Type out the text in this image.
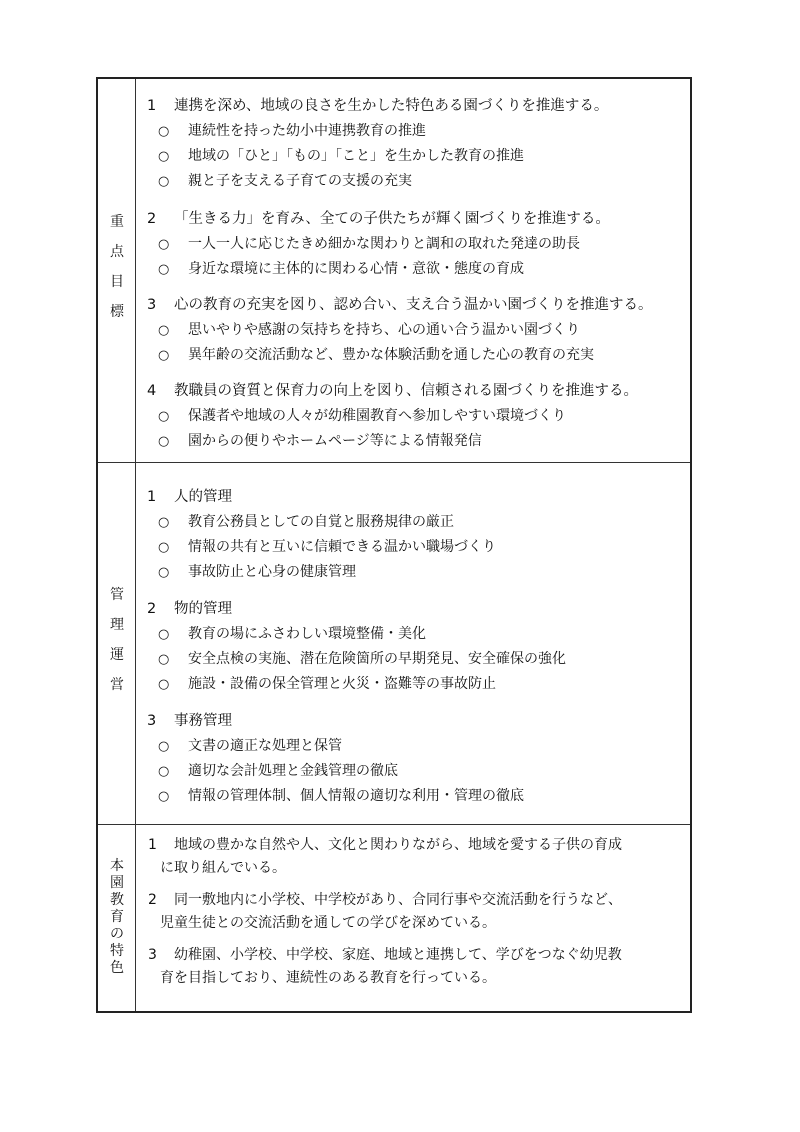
重
点
目
標
1 連携を深め、地域の良さを生かした特色ある園づくりを推進する。
○ 連続性を持った幼小中連携教育の推進
○ 地域の「ひと」「もの」「こと」を生かした教育の推進
○ 親と子を支える子育ての支援の充実
2 「生きる力」を育み、全ての子供たちが輝く園づくりを推進する。
○ 一人一人に応じたきめ細かな関わりと調和の取れた発達の助長
○ 身近な環境に主体的に関わる心情・意欲・態度の育成
3 心の教育の充実を図り、認め合い、支え合う温かい園づくりを推進する。
○ 思いやりや感謝の気持ちを持ち、心の通い合う温かい園づくり
○ 異年齢の交流活動など、豊かな体験活動を通した心の教育の充実
4 教職員の資質と保育力の向上を図り、信頼される園づくりを推進する。
○ 保護者や地域の人々が幼稚園教育へ参加しやすい環境づくり
○ 園からの便りやホームページ等による情報発信
管
理
運
営
1 人的管理
○ 教育公務員としての自覚と服務規律の厳正
○ 情報の共有と互いに信頼できる温かい職場づくり
○ 事故防止と心身の健康管理
2 物的管理
○ 教育の場にふさわしい環境整備・美化
○ 安全点検の実施、潜在危険箇所の早期発見、安全確保の強化
○ 施設・設備の保全管理と火災・盗難等の事故防止
3 事務管理
○ 文書の適正な処理と保管
○ 適切な会計処理と金銭管理の徹底
○ 情報の管理体制、個人情報の適切な利用・管理の徹底
本
園
教
育
の
特
色
1 地域の豊かな自然や人、文化と関わりながら、地域を愛する子供の育成
に取り組んでいる。
2 同一敷地内に小学校、中学校があり、合同行事や交流活動を行うなど、
児童生徒との交流活動を通しての学びを深めている。
3 幼稚園、小学校、中学校、家庭、地域と連携して、学びをつなぐ幼児教
育を目指しており、連続性のある教育を行っている。
